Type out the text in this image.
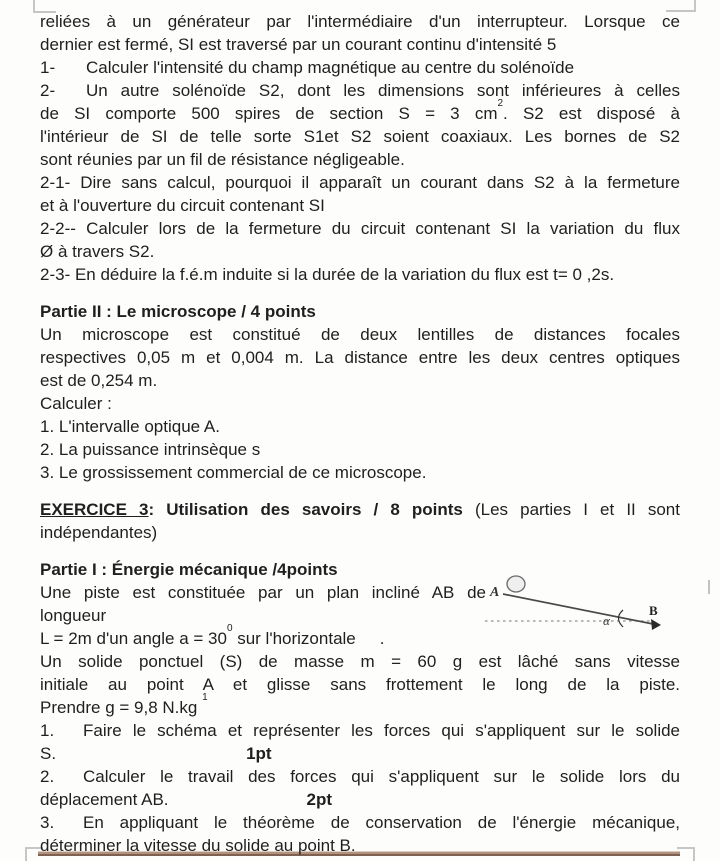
reliées à un générateur par l'intermédiaire d'un interrupteur. Lorsque ce
dernier est fermé, SI est traversé par un courant continu d'intensité 5
1- Calculer l'intensité du champ magnétique au centre du solénoïde
2- Un autre solénoïde S2, dont les dimensions sont inférieures à celles
de SI comporte 500 spires de section S = 3 $cm^2$. S2 est disposé à
l'intérieur de SI de telle sorte S1et S2 soient coaxiaux. Les bornes de S2
sont réunies par un fil de résistance négligeable.
2-1- Dire sans calcul, pourquoi il apparaît un courant dans S2 à la fermeture
et à l'ouverture du circuit contenant SI
2-2-- Calculer lors de la fermeture du circuit contenant SI la variation du flux
Ø à travers S2.
2-3- En déduire la f.é.m induite si la durée de la variation du flux est t= 0 ,2s.
Partie II : Le microscope / 4 points
Un microscope est constitué de deux lentilles de distances focales
respectives 0,05 m et 0,004 m. La distance entre les deux centres optiques
est de 0,254 m.
Calculer :
1. L'intervalle optique A.
2. La puissance intrinsèque s
3. Le grossissement commercial de ce microscope.
EXERCICE 3: Utilisation des savoirs / 8 points (Les parties I et II sont
indépendantes)
Partie I : Énergie mécanique /4points
Une piste est constituée par un plan incliné AB de
longueur
L = 2m d'un angle $a = 30^0$ sur l'horizontale .
Un solide ponctuel (S) de masse m = 60 g est lâché sans vitesse
initiale au point A et glisse sans frottement le long de la piste.
Prendre g = 9,8 N.kg $^1$
1. Faire le schéma et représenter les forces qui s'appliquent sur le solide
S.	1pt
2. Calculer le travail des forces qui s'appliquent sur le solide lors du
déplacement AB.	2pt
3. En appliquant le théorème de conservation de l'énergie mécanique,
déterminer la vitesse du solide au point B.
A
B
α
